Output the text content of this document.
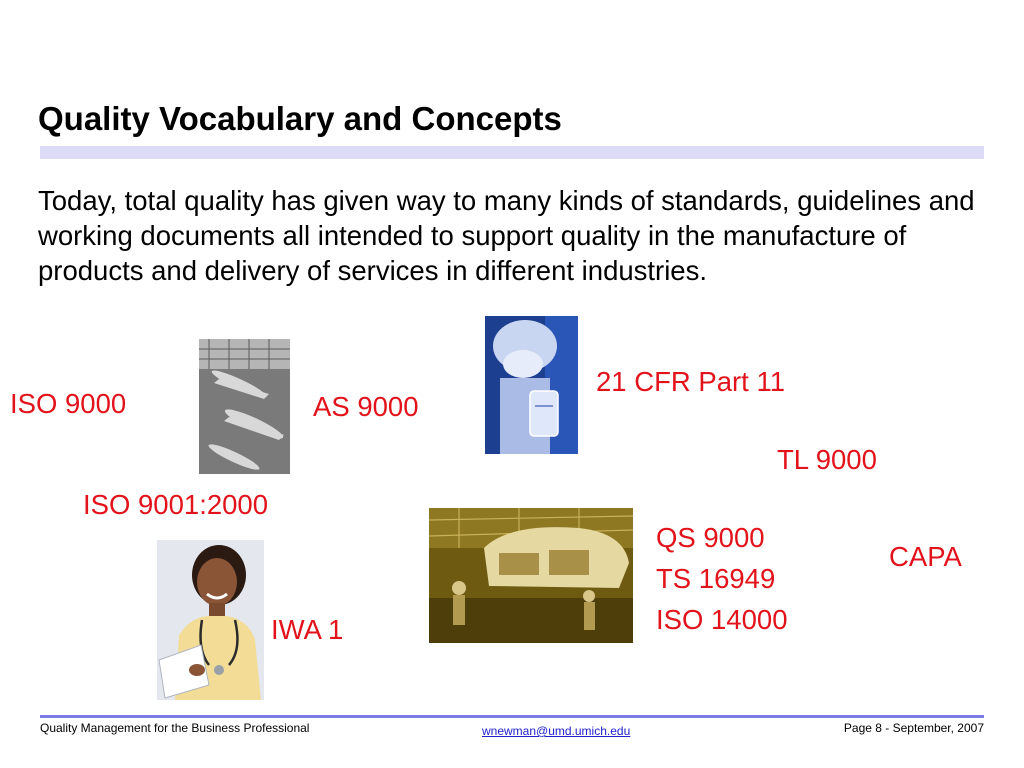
Quality Vocabulary and Concepts
Today, total quality has given way to many kinds of standards, guidelines and working documents all intended to support quality in the manufacture of products and delivery of services in different industries.
ISO 9000	AS 9000
21 CFR Part 11
TL 9000
ISO 9001:2000
QS 9000
TS 16949
ISO 14000
CAPA
IWA 1
Quality Management for the Business Professional	wnewman@umd.umich.edu	Page 8 - September, 2007
